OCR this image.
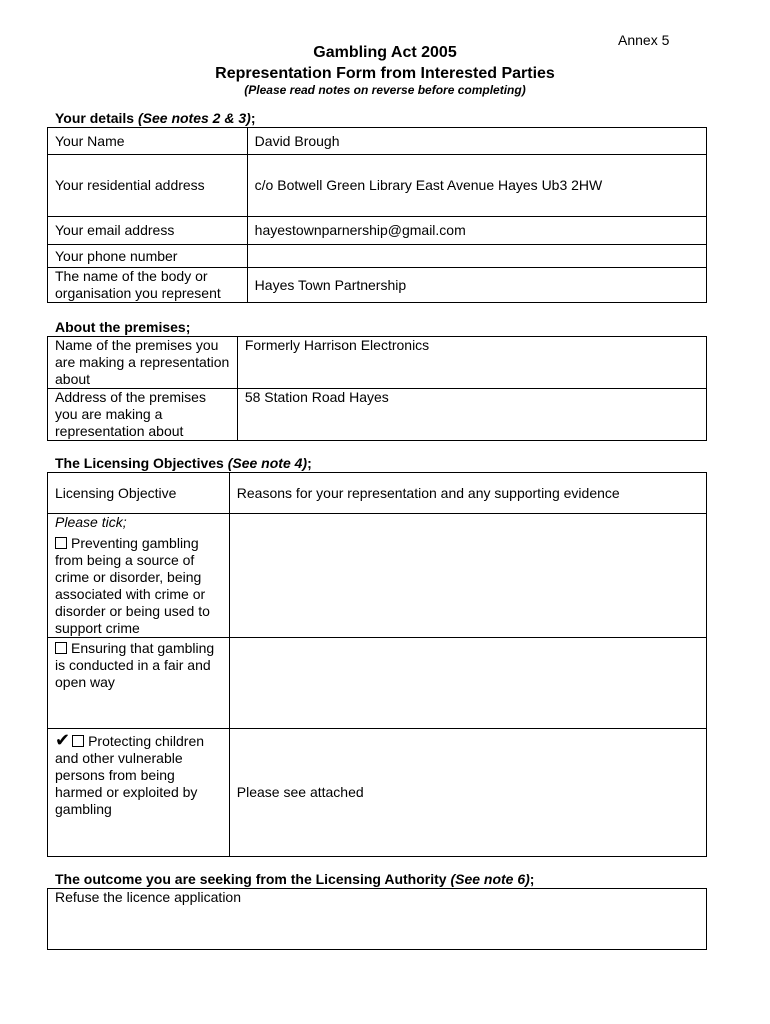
Annex 5
Gambling Act 2005
Representation Form from Interested Parties
(Please read notes on reverse before completing)
Your details (See notes 2 & 3);
Your Name	David Brough
Your residential address	c/o Botwell Green Library East Avenue Hayes Ub3 2HW
Your email address	hayestownparnership@gmail.com
Your phone number	
The name of the body or organisation you represent	Hayes Town Partnership
About the premises;
Name of the premises you are making a representation about	Formerly Harrison Electronics
Address of the premises you are making a representation about	58 Station Road Hayes
The Licensing Objectives (See note 4);
Licensing Objective	Reasons for your representation and any supporting evidence

Please tick;
Preventing gambling from being a source of crime or disorder, being associated with crime or disorder or being used to support crime	

Ensuring that gambling is conducted in a fair and open way	
✔ Protecting children and other vulnerable persons from being harmed or exploited by gambling	Please see attached
The outcome you are seeking from the Licensing Authority (See note 6);
Refuse the licence application
